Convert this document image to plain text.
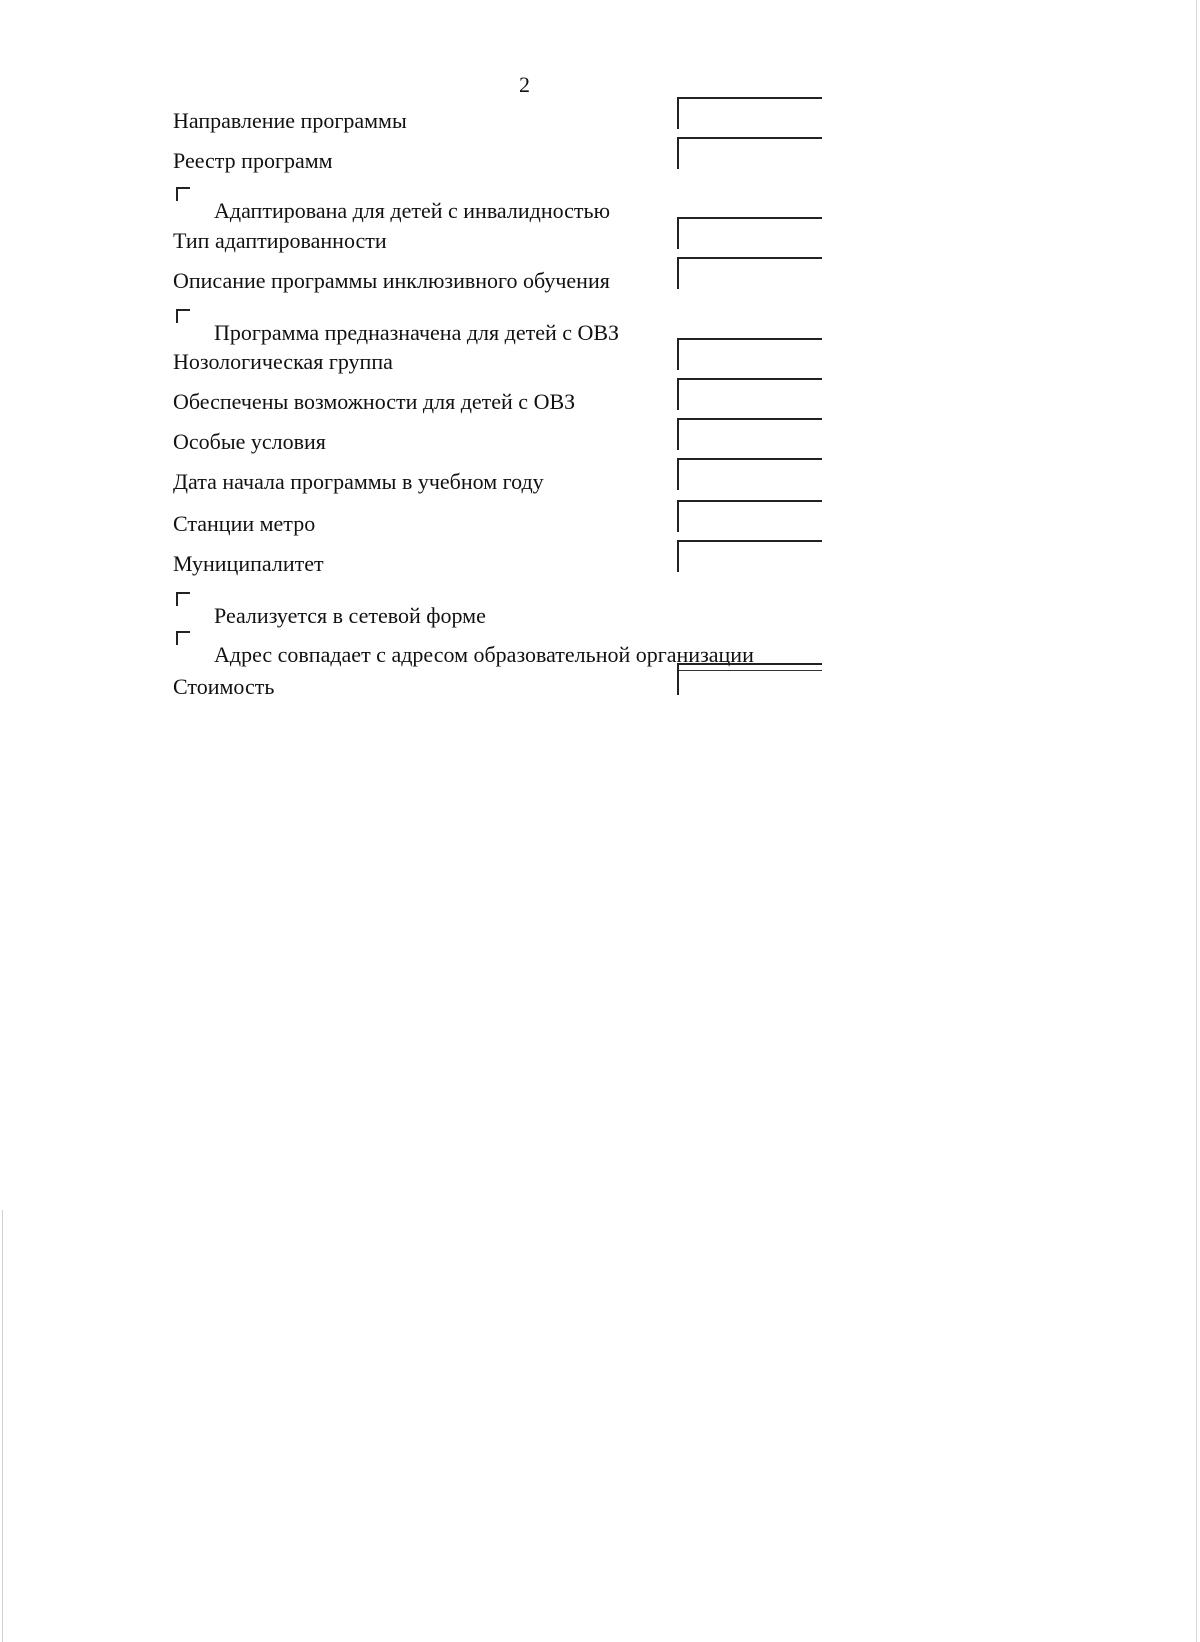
2
Направление программы
Реестр программ
Адаптирована для детей с инвалидностью
Тип адаптированности
Описание программы инклюзивного обучения
Программа предназначена для детей с ОВЗ
Нозологическая группа
Обеспечены возможности для детей с ОВЗ
Особые условия
Дата начала программы в учебном году
Станции метро
Муниципалитет
Реализуется в сетевой форме
Адрес совпадает с адресом образовательной организации
Стоимость
